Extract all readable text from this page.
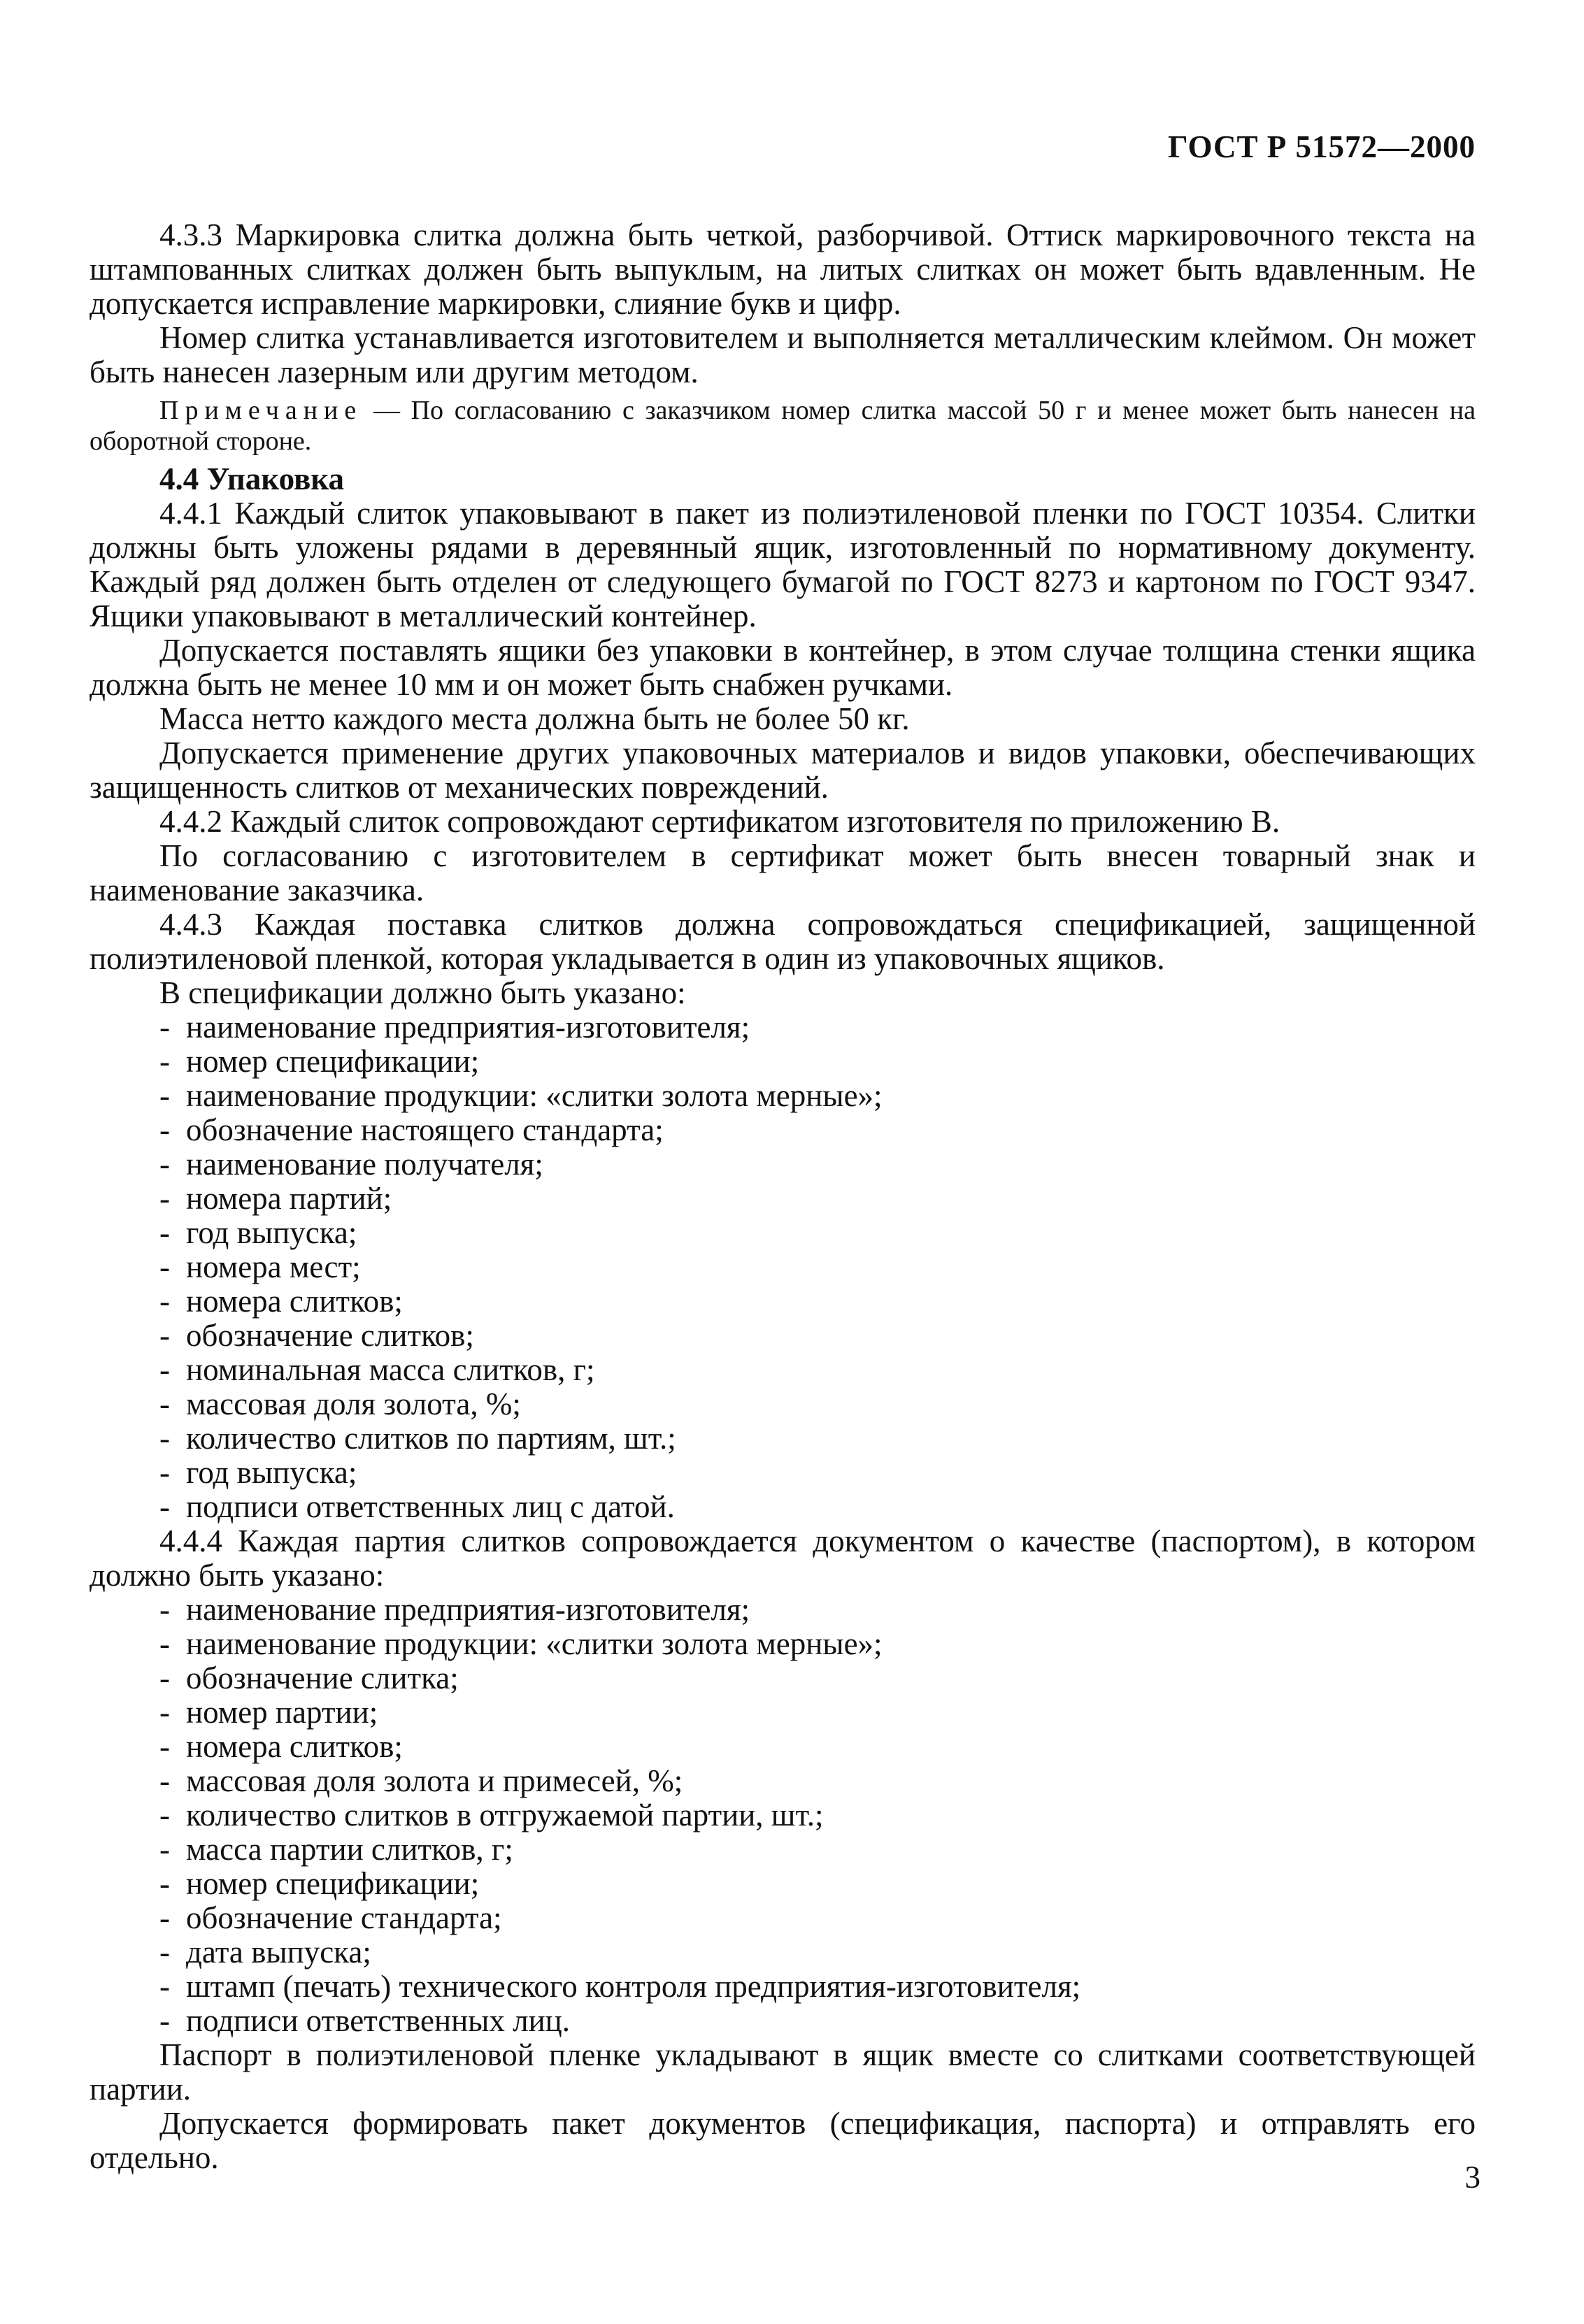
ГОСТ Р 51572—2000

4.3.3 Маркировка слитка должна быть четкой, разборчивой. Оттиск маркировочного текста на штампованных слитках должен быть выпуклым, на литых слитках он может быть вдавленным. Не допускается исправление маркировки, слияние букв и цифр.

Номер слитка устанавливается изготовителем и выполняется металлическим клеймом. Он может быть нанесен лазерным или другим методом.

Примечание — По согласованию с заказчиком номер слитка массой 50 г и менее может быть нанесен на оборотной стороне.

4.4 Упаковка

4.4.1 Каждый слиток упаковывают в пакет из полиэтиленовой пленки по ГОСТ 10354. Слитки должны быть уложены рядами в деревянный ящик, изготовленный по нормативному документу. Каждый ряд должен быть отделен от следующего бумагой по ГОСТ 8273 и картоном по ГОСТ 9347. Ящики упаковывают в металлический контейнер.

Допускается поставлять ящики без упаковки в контейнер, в этом случае толщина стенки ящика должна быть не менее 10 мм и он может быть снабжен ручками.

Масса нетто каждого места должна быть не более 50 кг.

Допускается применение других упаковочных материалов и видов упаковки, обеспечивающих защищенность слитков от механических повреждений.

4.4.2 Каждый слиток сопровождают сертификатом изготовителя по приложению В.

По согласованию с изготовителем в сертификат может быть внесен товарный знак и наименование заказчика.

4.4.3 Каждая поставка слитков должна сопровождаться спецификацией, защищенной полиэтиленовой пленкой, которая укладывается в один из упаковочных ящиков.

В спецификации должно быть указано:

- наименование предприятия-изготовителя;
- номер спецификации;
- наименование продукции: «слитки золота мерные»;
- обозначение настоящего стандарта;
- наименование получателя;
- номера партий;
- год выпуска;
- номера мест;
- номера слитков;
- обозначение слитков;
- номинальная масса слитков, г;
- массовая доля золота, %;
- количество слитков по партиям, шт.;
- год выпуска;
- подписи ответственных лиц с датой.

4.4.4 Каждая партия слитков сопровождается документом о качестве (паспортом), в котором должно быть указано:

- наименование предприятия-изготовителя;
- наименование продукции: «слитки золота мерные»;
- обозначение слитка;
- номер партии;
- номера слитков;
- массовая доля золота и примесей, %;
- количество слитков в отгружаемой партии, шт.;
- масса партии слитков, г;
- номер спецификации;
- обозначение стандарта;
- дата выпуска;
- штамп (печать) технического контроля предприятия-изготовителя;
- подписи ответственных лиц.

Паспорт в полиэтиленовой пленке укладывают в ящик вместе со слитками соответствующей партии.

Допускается формировать пакет документов (спецификация, паспорта) и отправлять его отдельно.

3
